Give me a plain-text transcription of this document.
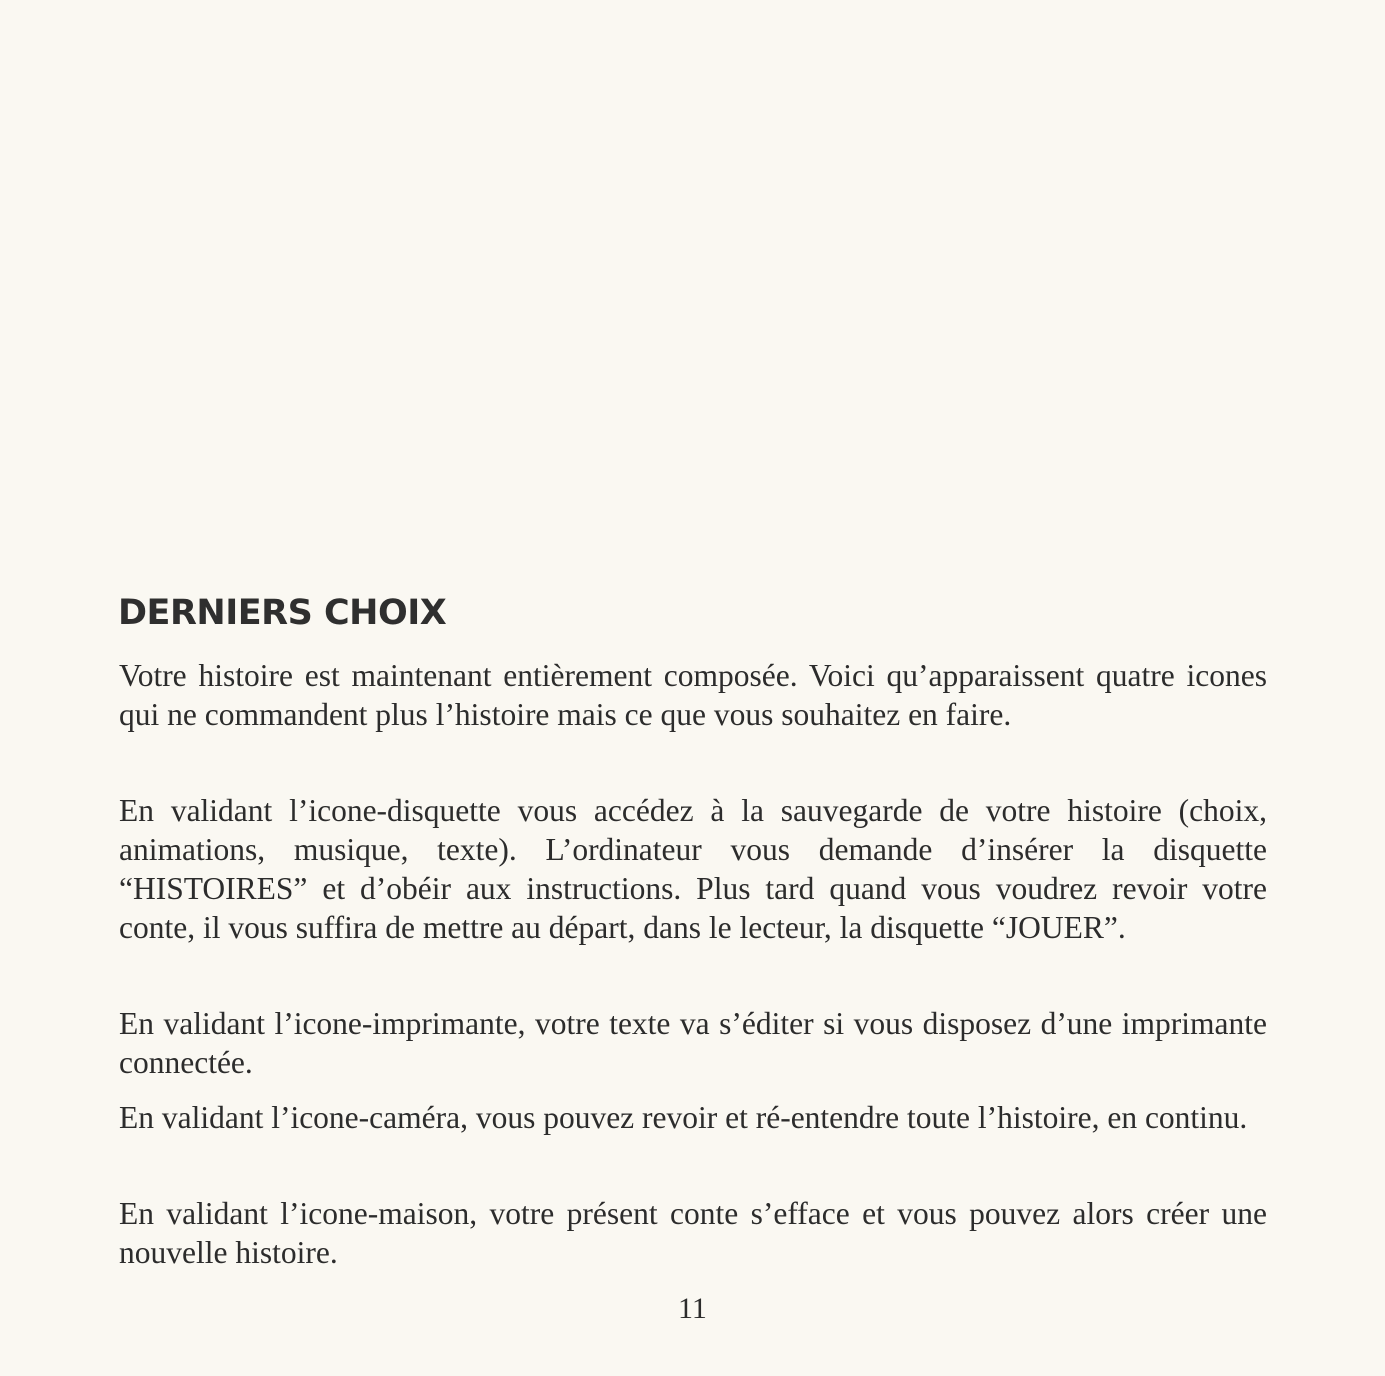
DERNIERS CHOIX

Votre histoire est maintenant entièrement composée. Voici qu’apparaissent quatre icones qui ne commandent plus l’histoire mais ce que vous souhaitez en faire.

En validant l’icone-disquette vous accédez à la sauvegarde de votre histoire (choix, animations, musique, texte). L’ordinateur vous demande d’insérer la disquette “HISTOIRES” et d’obéir aux instructions. Plus tard quand vous voudrez revoir votre conte, il vous suffira de mettre au départ, dans le lecteur, la disquette “JOUER”.

En validant l’icone-imprimante, votre texte va s’éditer si vous disposez d’une imprimante connectée.

En validant l’icone-caméra, vous pouvez revoir et ré-entendre toute l’histoire, en continu.

En validant l’icone-maison, votre présent conte s’efface et vous pouvez alors créer une nouvelle histoire.

11
